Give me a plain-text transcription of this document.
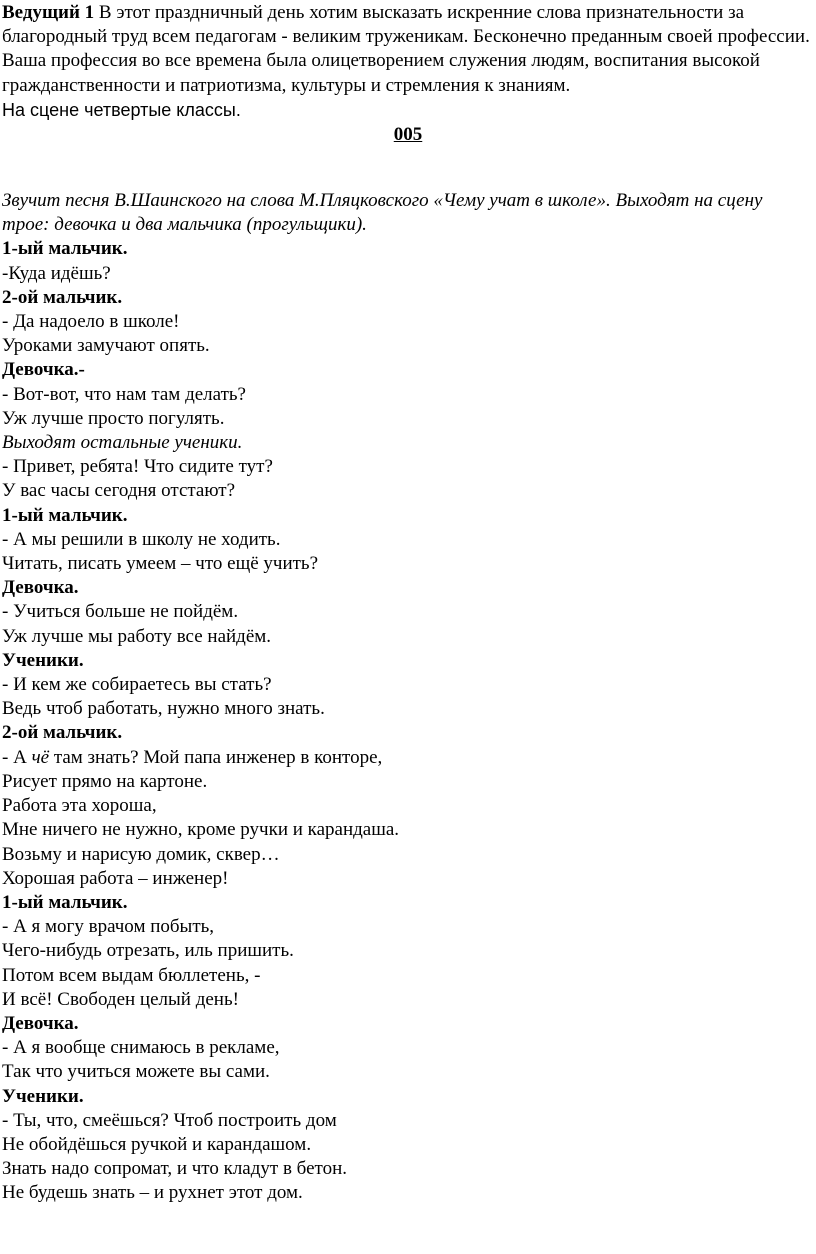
Ведущий 1 В этот праздничный день хотим высказать искренние слова признательности за благородный труд всем педагогам - великим труженикам. Бесконечно преданным своей профессии. Ваша профессия во все времена была олицетворением служения людям, воспитания высокой гражданственности и патриотизма, культуры и стремления к знаниям.

На сцене четвертые классы.

005

Звучит песня В.Шаинского на слова М.Пляцковского «Чему учат в школе». Выходят на сцену трое: девочка и два мальчика (прогульщики).

1-ый мальчик.

-Куда идёшь?

2-ой мальчик.

- Да надоело в школе!

Уроками замучают опять.

Девочка.-

- Вот-вот, что нам там делать?

Уж лучше просто погулять.

Выходят остальные ученики.

- Привет, ребята! Что сидите тут?

У вас часы сегодня отстают?

1-ый мальчик.

- А мы решили в школу не ходить.

Читать, писать умеем – что ещё учить?

Девочка.

- Учиться больше не пойдём.

Уж лучше мы работу все найдём.

Ученики.

- И кем же собираетесь вы стать?

Ведь чтоб работать, нужно много знать.

2-ой мальчик.

- А чё там знать? Мой папа инженер в конторе,

Рисует прямо на картоне.

Работа эта хороша,

Мне ничего не нужно, кроме ручки и карандаша.

Возьму и нарисую домик, сквер…

Хорошая работа – инженер!

1-ый мальчик.

- А я могу врачом побыть,

Чего-нибудь отрезать, иль пришить.

Потом всем выдам бюллетень, -

И всё! Свободен целый день!

Девочка.

- А я вообще снимаюсь в рекламе,

Так что учиться можете вы сами.

Ученики.

- Ты, что, смеёшься? Чтоб построить дом

Не обойдёшься ручкой и карандашом.

Знать надо сопромат, и что кладут в бетон.

Не будешь знать – и рухнет этот дом.
